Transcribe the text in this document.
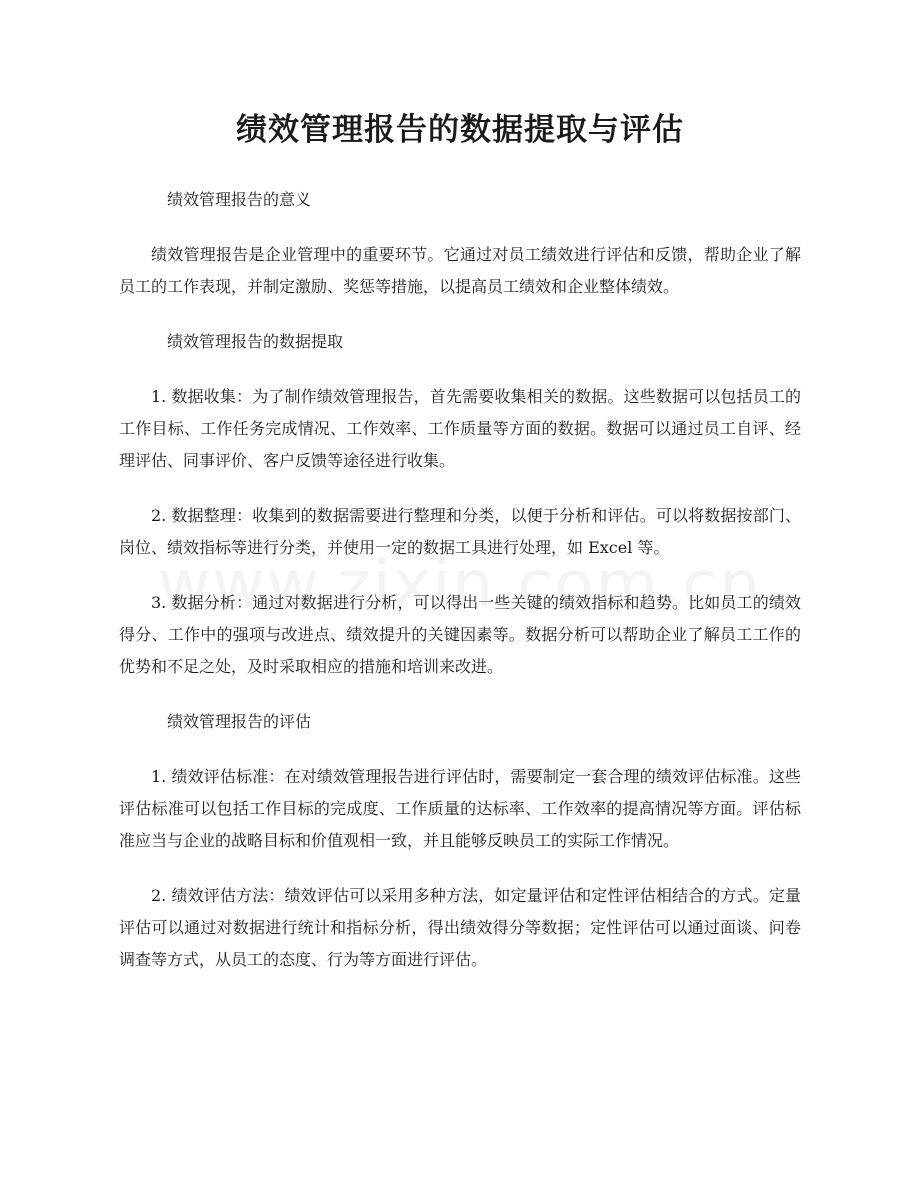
绩效管理报告的数据提取与评估

绩效管理报告的意义

绩效管理报告是企业管理中的重要环节。它通过对员工绩效进行评估和反馈，帮助企业了解员工的工作表现，并制定激励、奖惩等措施，以提高员工绩效和企业整体绩效。

绩效管理报告的数据提取

1. 数据收集：为了制作绩效管理报告，首先需要收集相关的数据。这些数据可以包括员工的工作目标、工作任务完成情况、工作效率、工作质量等方面的数据。数据可以通过员工自评、经理评估、同事评价、客户反馈等途径进行收集。

2. 数据整理：收集到的数据需要进行整理和分类，以便于分析和评估。可以将数据按部门、岗位、绩效指标等进行分类，并使用一定的数据工具进行处理，如 Excel 等。

3. 数据分析：通过对数据进行分析，可以得出一些关键的绩效指标和趋势。比如员工的绩效得分、工作中的强项与改进点、绩效提升的关键因素等。数据分析可以帮助企业了解员工工作的优势和不足之处，及时采取相应的措施和培训来改进。

绩效管理报告的评估

1. 绩效评估标准：在对绩效管理报告进行评估时，需要制定一套合理的绩效评估标准。这些评估标准可以包括工作目标的完成度、工作质量的达标率、工作效率的提高情况等方面。评估标准应当与企业的战略目标和价值观相一致，并且能够反映员工的实际工作情况。

2. 绩效评估方法：绩效评估可以采用多种方法，如定量评估和定性评估相结合的方式。定量评估可以通过对数据进行统计和指标分析，得出绩效得分等数据；定性评估可以通过面谈、问卷调查等方式，从员工的态度、行为等方面进行评估。
